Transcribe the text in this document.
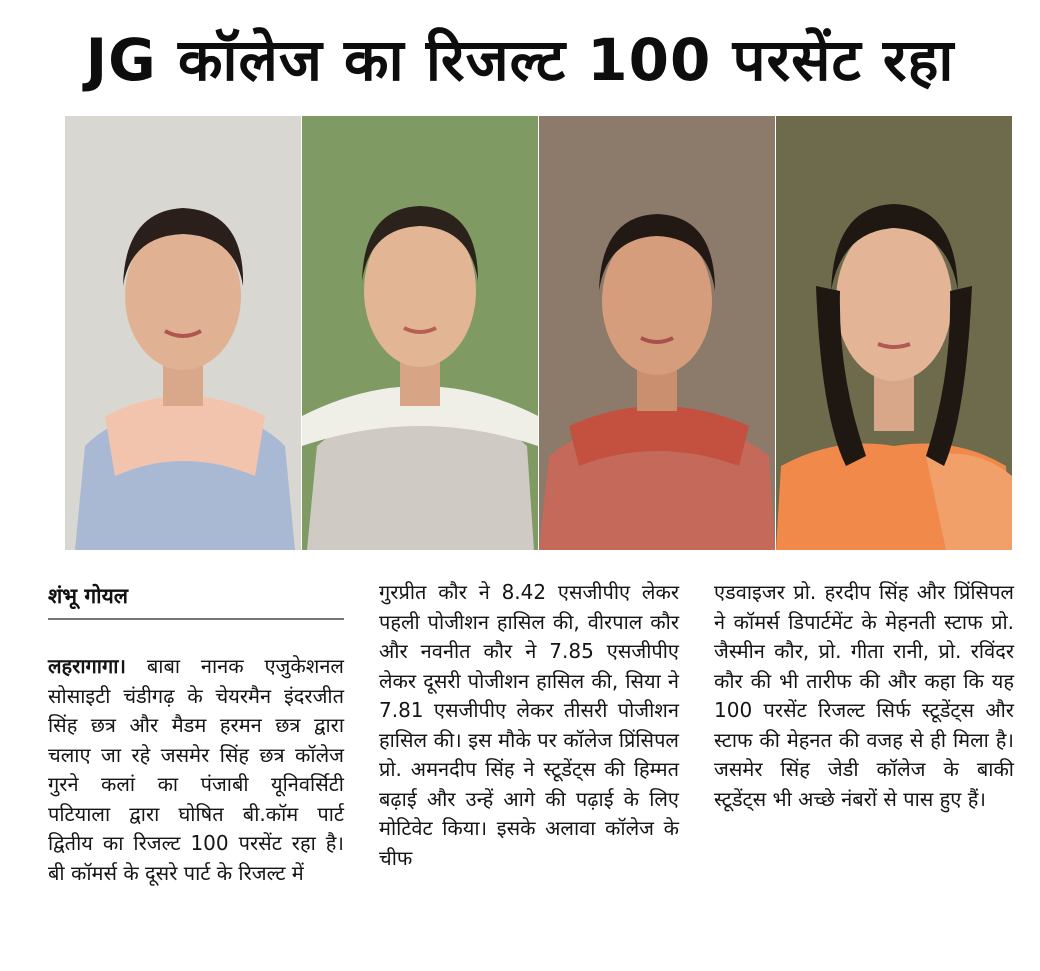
JG कॉलेज का रिजल्ट 100 परसेंट रहा
शंभू गोयल

लहरागागा। बाबा नानक एजुकेशनल सोसाइटी चंडीगढ़ के चेयरमैन इंदरजीत सिंह छत्र और मैडम हरमन छत्र द्वारा चलाए जा रहे जसमेर सिंह छत्र कॉलेज गुरने कलां का पंजाबी यूनिवर्सिटी पटियाला द्वारा घोषित बी.कॉम पार्ट द्वितीय का रिजल्ट 100 परसेंट रहा है। बी कॉमर्स के दूसरे पार्ट के रिजल्ट में

गुरप्रीत कौर ने 8.42 एसजीपीए लेकर पहली पोजीशन हासिल की, वीरपाल कौर और नवनीत कौर ने 7.85 एसजीपीए लेकर दूसरी पोजीशन हासिल की, सिया ने 7.81 एसजीपीए लेकर तीसरी पोजीशन हासिल की। इस मौके पर कॉलेज प्रिंसिपल प्रो. अमनदीप सिंह ने स्टूडेंट्स की हिम्मत बढ़ाई और उन्हें आगे की पढ़ाई के लिए मोटिवेट किया। इसके अलावा कॉलेज के चीफ

एडवाइजर प्रो. हरदीप सिंह और प्रिंसिपल ने कॉमर्स डिपार्टमेंट के मेहनती स्टाफ प्रो. जैस्मीन कौर, प्रो. गीता रानी, प्रो. रविंदर कौर की भी तारीफ की और कहा कि यह 100 परसेंट रिजल्ट सिर्फ स्टूडेंट्स और स्टाफ की मेहनत की वजह से ही मिला है। जसमेर सिंह जेडी कॉलेज के बाकी स्टूडेंट्स भी अच्छे नंबरों से पास हुए हैं।
